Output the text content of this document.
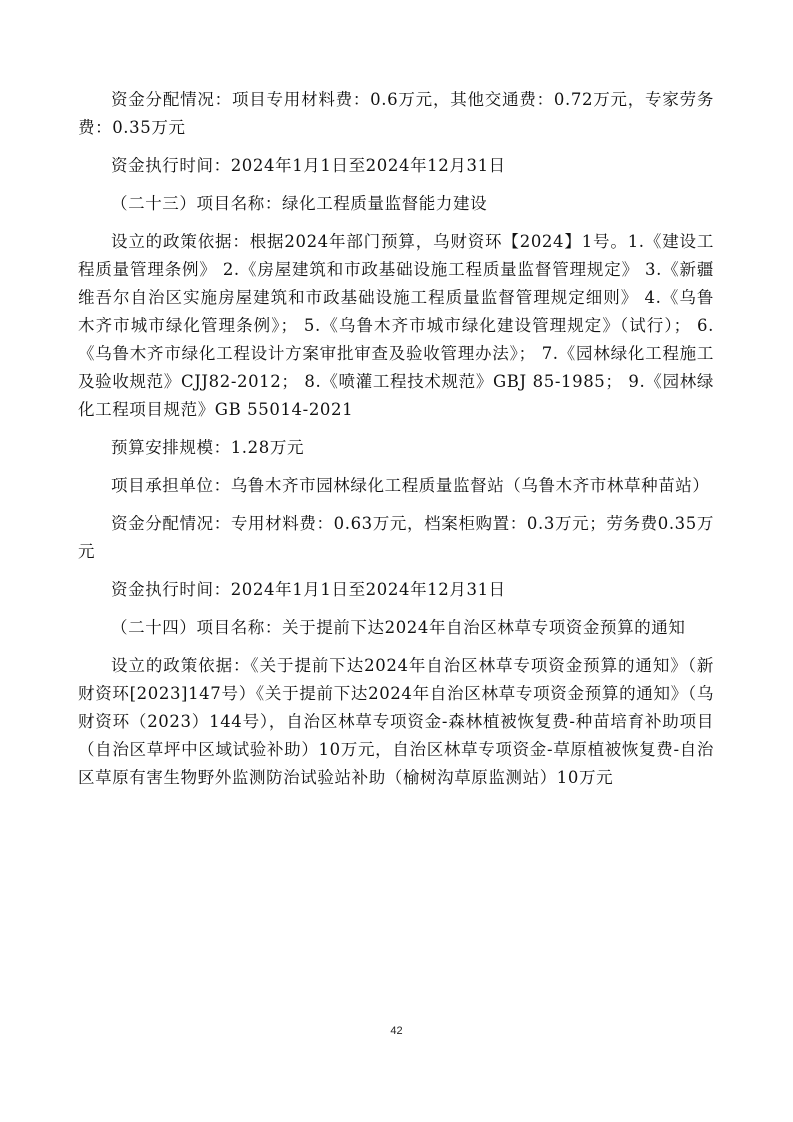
资金分配情况：项目专用材料费：0.6万元，其他交通费：0.72万元，专家劳务费：0.35万元

资金执行时间：2024年1月1日至2024年12月31日

（二十三）项目名称：绿化工程质量监督能力建设

设立的政策依据：根据2024年部门预算，乌财资环【2024】1号。1.《建设工程质量管理条例》 2.《房屋建筑和市政基础设施工程质量监督管理规定》 3.《新疆维吾尔自治区实施房屋建筑和市政基础设施工程质量监督管理规定细则》 4.《乌鲁木齐市城市绿化管理条例》； 5.《乌鲁木齐市城市绿化建设管理规定》（试行）； 6.《乌鲁木齐市绿化工程设计方案审批审查及验收管理办法》； 7.《园林绿化工程施工及验收规范》CJJ82-2012； 8.《喷灌工程技术规范》GBJ 85-1985； 9.《园林绿化工程项目规范》GB 55014-2021

预算安排规模：1.28万元

项目承担单位：乌鲁木齐市园林绿化工程质量监督站（乌鲁木齐市林草种苗站）

资金分配情况：专用材料费：0.63万元，档案柜购置：0.3万元；劳务费0.35万元

资金执行时间：2024年1月1日至2024年12月31日

（二十四）项目名称：关于提前下达2024年自治区林草专项资金预算的通知

设立的政策依据：《关于提前下达2024年自治区林草专项资金预算的通知》（新财资环[2023]147号）《关于提前下达2024年自治区林草专项资金预算的通知》（乌财资环（2023）144号），自治区林草专项资金-森林植被恢复费-种苗培育补助项目（自治区草坪中区域试验补助）10万元，自治区林草专项资金-草原植被恢复费-自治区草原有害生物野外监测防治试验站补助（榆树沟草原监测站）10万元

42
